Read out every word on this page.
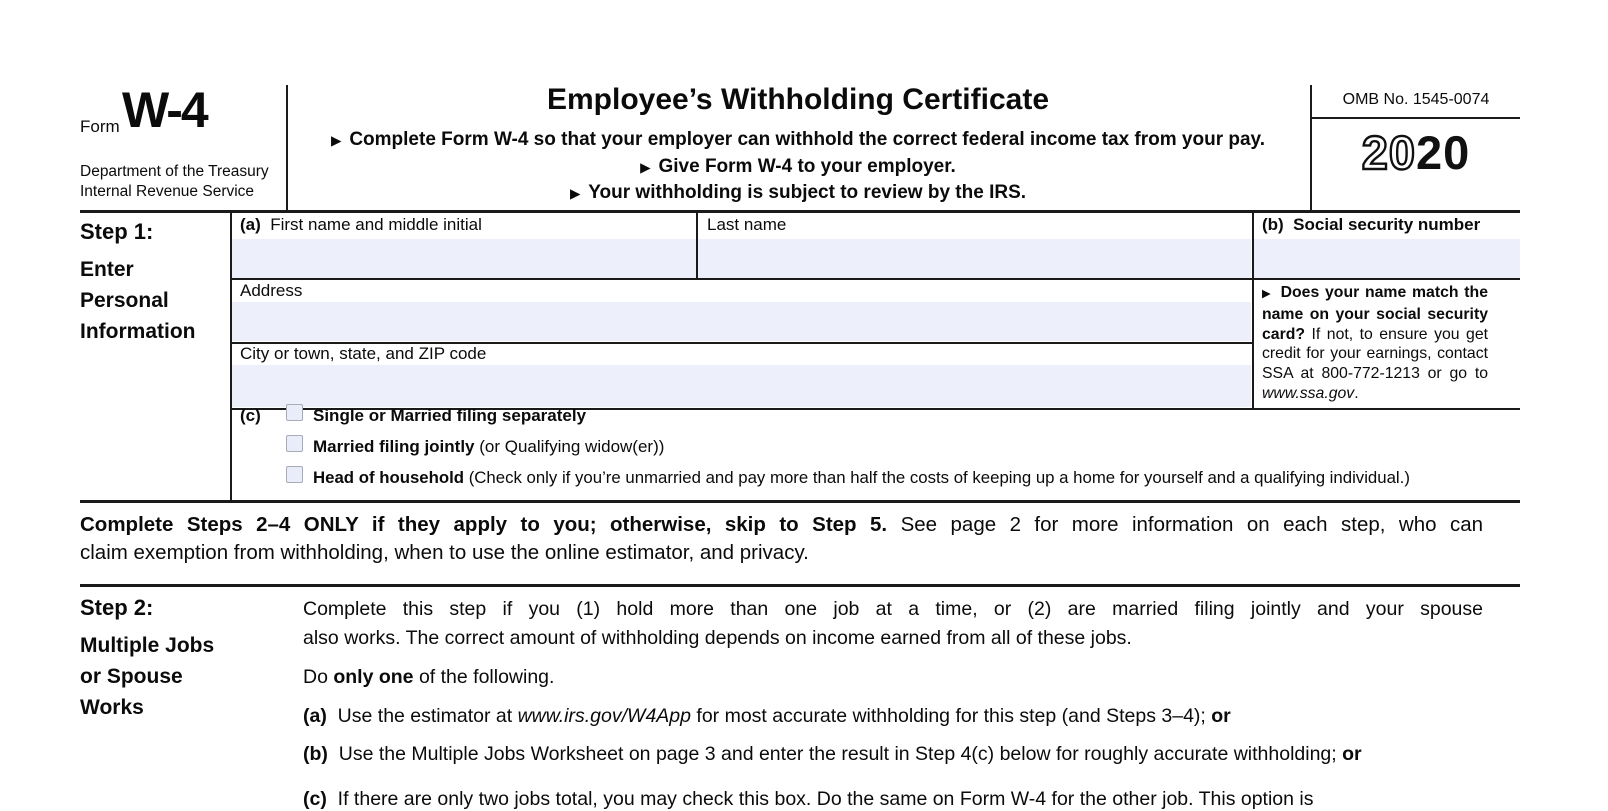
Form W-4
Department of the Treasury
Internal Revenue Service
Employee’s Withholding Certificate
▶ Complete Form W-4 so that your employer can withhold the correct federal income tax from your pay.
▶ Give Form W-4 to your employer.
▶ Your withholding is subject to review by the IRS.
OMB No. 1545-0074
2020
Step 1:
Enter
Personal
Information
(a)  First name and middle initial	Last name	(b)  Social security number
Address
City or town, state, and ZIP code
▶ Does your name match the
name on your social security
card? If not, to ensure you get
credit for your earnings, contact
SSA at 800-772-1213 or go to
www.ssa.gov.
(c)	Single or Married filing separately
Married filing jointly (or Qualifying widow(er))
Head of household (Check only if you’re unmarried and pay more than half the costs of keeping up a home for yourself and a qualifying individual.)
Complete Steps 2–4 ONLY if they apply to you; otherwise, skip to Step 5. See page 2 for more information on each step, who can
claim exemption from withholding, when to use the online estimator, and privacy.
Step 2:
Multiple Jobs
or Spouse
Works
Complete this step if you (1) hold more than one job at a time, or (2) are married filing jointly and your spouse
also works. The correct amount of withholding depends on income earned from all of these jobs.
Do only one of the following.
(a)  Use the estimator at www.irs.gov/W4App for most accurate withholding for this step (and Steps 3–4); or
(b)  Use the Multiple Jobs Worksheet on page 3 and enter the result in Step 4(c) below for roughly accurate withholding; or
(c)  If there are only two jobs total, you may check this box. Do the same on Form W-4 for the other job. This option is
